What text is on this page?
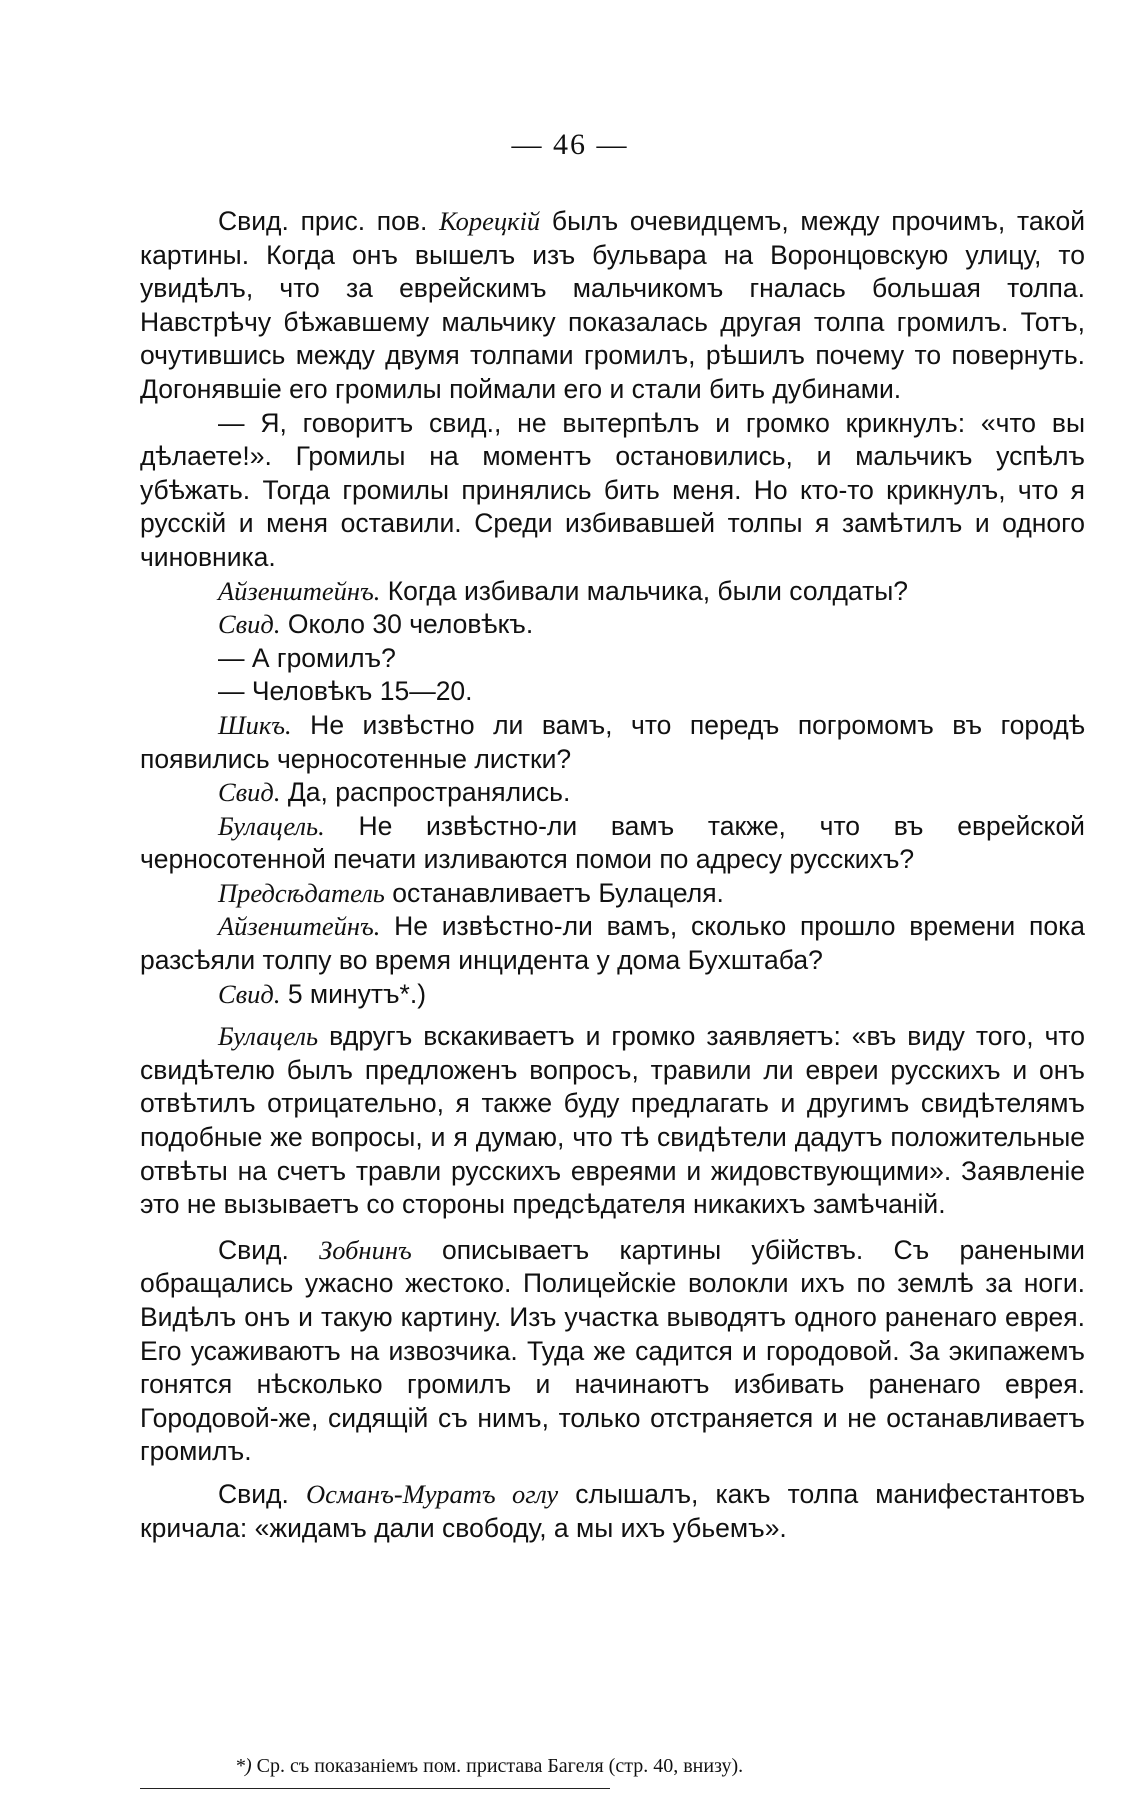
— 46 —

Свид. прис. пов. Корецкій былъ очевидцемъ, между прочимъ, такой картины. Когда онъ вышелъ изъ бульвара на Воронцовскую улицу, то увидѣлъ, что за еврейскимъ мальчикомъ гналась большая толпа. Навстрѣчу бѣжавшему мальчику показалась другая толпа громилъ. Тотъ, очутившись между двумя толпами громилъ, рѣшилъ почему то повернуть. Догонявшіе его громилы поймали его и стали бить дубинами.

— Я, говоритъ свид., не вытерпѣлъ и громко крикнулъ: «что вы дѣлаете!». Громилы на моментъ остановились, и мальчикъ успѣлъ убѣжать. Тогда громилы принялись бить меня. Но кто-то крикнулъ, что я русскій и меня оставили. Среди избивавшей толпы я замѣтилъ и одного чиновника.

Айзенштейнъ. Когда избивали мальчика, были солдаты?

Свид. Около 30 человѣкъ.

— А громилъ?

— Человѣкъ 15—20.

Шикъ. Не извѣстно ли вамъ, что передъ погромомъ въ городѣ появились черносотенные листки?

Свид. Да, распространялись.

Булацель. Не извѣстно-ли вамъ также, что въ еврейской черносотенной печати изливаются помои по адресу русскихъ?

Предсѣдатель останавливаетъ Булацеля.

Айзенштейнъ. Не извѣстно-ли вамъ, сколько прошло времени пока разсѣяли толпу во время инцидента у дома Бухштаба?

Свид. 5 минутъ*.)

Булацель вдругъ вскакиваетъ и громко заявляетъ: «въ виду того, что свидѣтелю былъ предложенъ вопросъ, травили ли евреи русскихъ и онъ отвѣтилъ отрицательно, я также буду предлагать и другимъ свидѣтелямъ подобные же вопросы, и я думаю, что тѣ свидѣтели дадутъ положительные отвѣты на счетъ травли русскихъ евреями и жидовствующими». Заявленіе это не вызываетъ со стороны предсѣдателя никакихъ замѣчаній.

Свид. Зобнинъ описываетъ картины убійствъ. Съ ранеными обращались ужасно жестоко. Полицейскіе волокли ихъ по землѣ за ноги. Видѣлъ онъ и такую картину. Изъ участка выводятъ одного раненаго еврея. Его усаживаютъ на извозчика. Туда же садится и городовой. За экипажемъ гонятся нѣсколько громилъ и начинаютъ избивать раненаго еврея. Городовой-же, сидящій съ нимъ, только отстраняется и не останавливаетъ громилъ.

Свид. Османъ-Муратъ оглу слышалъ, какъ толпа манифестантовъ кричала: «жидамъ дали свободу, а мы ихъ убьемъ».

*) Ср. съ показаніемъ пом. пристава Багеля (стр. 40, внизу).
